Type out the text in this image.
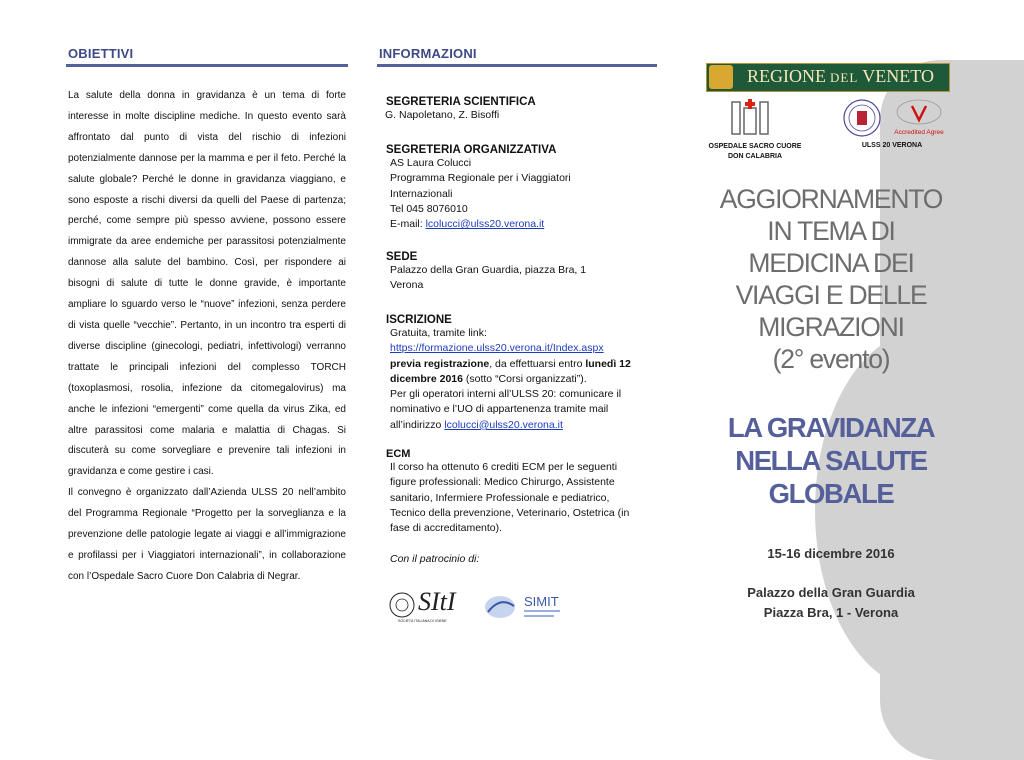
OBIETTIVI

La salute della donna in gravidanza è un tema di forte interesse in molte discipline mediche. In questo evento sarà affrontato dal punto di vista del rischio di infezioni potenzialmente dannose per la mamma e per il feto. Perché la salute globale? Perché le donne in gravidanza viaggiano, e sono esposte a rischi diversi da quelli del Paese di partenza; perché, come sempre più spesso avviene, possono essere immigrate da aree endemiche per parassitosi potenzialmente dannose alla salute del bambino. Così, per rispondere ai bisogni di salute di tutte le donne gravide, è importante ampliare lo sguardo verso le “nuove” infezioni, senza perdere di vista quelle “vecchie”. Pertanto, in un incontro tra esperti di diverse discipline (ginecologi, pediatri, infettivologi) verranno trattate le principali infezioni del complesso TORCH (toxoplasmosi, rosolia, infezione da citomegalovirus) ma anche le infezioni “emergenti” come quella da virus Zika, ed altre parassitosi come malaria e malattia di Chagas. Si discuterà su come sorvegliare e prevenire tali infezioni in gravidanza e come gestire i casi.

Il convegno è organizzato dall’Azienda ULSS 20 nell’ambito del Programma Regionale “Progetto per la sorveglianza e la prevenzione delle patologie legate ai viaggi e all’immigrazione e profilassi per i Viaggiatori internazionali”, in collaborazione con l’Ospedale Sacro Cuore Don Calabria di Negrar.

INFORMAZIONI

SEGRETERIA SCIENTIFICA

G. Napoletano, Z. Bisoffi

SEGRETERIA ORGANIZZATIVA

AS Laura Colucci

Programma Regionale per i Viaggiatori

Internazionali

Tel 045 8076010

E-mail: lcolucci@ulss20.verona.it

SEDE

Palazzo della Gran Guardia, piazza Bra, 1

Verona

ISCRIZIONE

Gratuita, tramite link:

https://formazione.ulss20.verona.it/Index.aspx

previa registrazione, da effettuarsi entro lunedì 12 dicembre 2016 (sotto “Corsi organizzati”).

Per gli operatori interni all’ULSS 20: comunicare il nominativo e l’UO di appartenenza tramite mail all’indirizzo lcolucci@ulss20.verona.it

ECM

Il corso ha ottenuto 6 crediti ECM per le seguenti figure professionali: Medico Chirurgo, Assistente sanitario, Infermiere Professionale e pediatrico, Tecnico della prevenzione, Veterinario, Ostetrica (in fase di accreditamento).

Con il patrocinio di:
SItI
SOCIETÀ ITALIANA DI IGIENE
SIMIT
REGIONE DEL VENETO
OSPEDALE SACRO CUORE DON CALABRIA
ULSS 20 VERONA
Accredited Agree
AGGIORNAMENTO
IN TEMA DI
MEDICINA DEI
VIAGGI E DELLE
MIGRAZIONI
(2° evento)
LA GRAVIDANZA
NELLA SALUTE
GLOBALE
15-16 dicembre 2016
Palazzo della Gran Guardia
Piazza Bra, 1 - Verona
